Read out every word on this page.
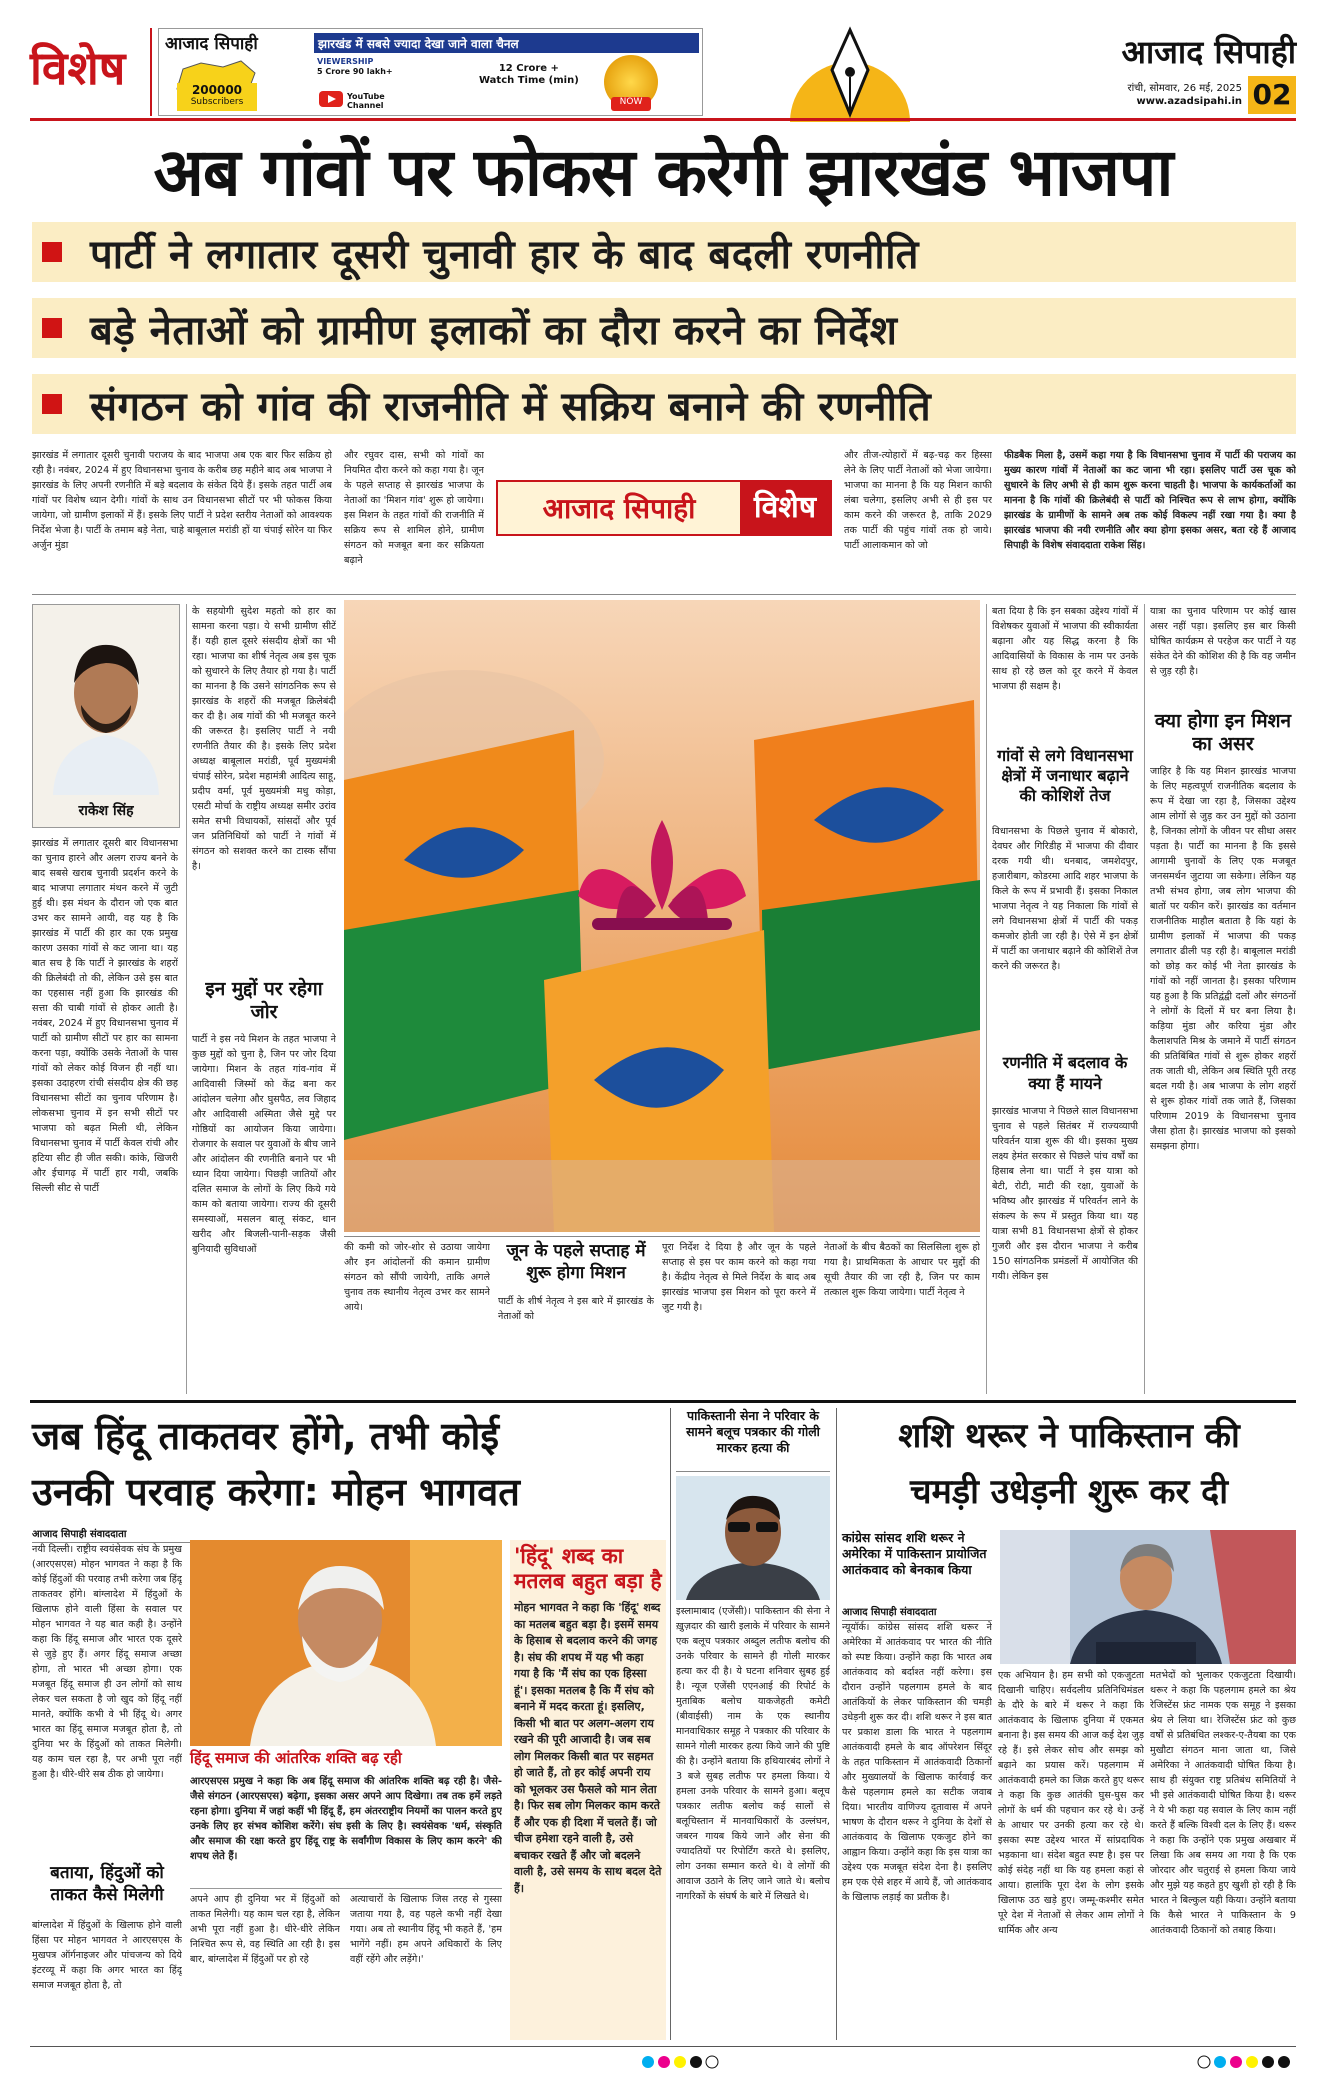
विशेष	आजाद सिपाही
200000
Subscribers
झारखंड में सबसे ज्यादा देखा जाने वाला चैनल
VIEWERSHIP
5 Crore 90 lakh+	12 Crore +
Watch Time (min)
YouTube Channel	NOW
आजाद सिपाही
रांची, सोमवार, 26 मई, 2025
www.azadsipahi.in 02
अब गांवों पर फोकस करेगी झारखंड भाजपा
पार्टी ने लगातार दूसरी चुनावी हार के बाद बदली रणनीति
बड़े नेताओं को ग्रामीण इलाकों का दौरा करने का निर्देश
संगठन को गांव की राजनीति में सक्रिय बनाने की रणनीति

झारखंड में लगातार दूसरी चुनावी पराजय के बाद भाजपा अब एक बार फिर सक्रिय हो रही है। नवंबर, 2024 में हुए विधानसभा चुनाव के करीब छह महीने बाद अब भाजपा ने झारखंड के लिए अपनी रणनीति में बड़े बदलाव के संकेत दिये हैं। इसके तहत पार्टी अब गांवों पर विशेष ध्यान देगी। गांवों के साथ उन विधानसभा सीटों पर भी फोकस किया जायेगा, जो ग्रामीण इलाकों में हैं। इसके लिए पार्टी ने प्रदेश स्तरीय नेताओं को आवश्यक निर्देश भेजा है। पार्टी के तमाम बड़े नेता, चाहे बाबूलाल मरांडी हों या चंपाई सोरेन या फिर अर्जुन मुंडा

और रघुवर दास, सभी को गांवों का नियमित दौरा करने को कहा गया है। जून के पहले सप्ताह से झारखंड भाजपा के नेताओं का 'मिशन गांव' शुरू हो जायेगा। इस मिशन के तहत गांवों की राजनीति में सक्रिय रूप से शामिल होने, ग्रामीण संगठन को मजबूत बना कर सक्रियता बढ़ाने

आजाद सिपाही	विशेष

और तीज-त्योहारों में बढ़-चढ़ कर हिस्सा लेने के लिए पार्टी नेताओं को भेजा जायेगा। भाजपा का मानना है कि यह मिशन काफी लंबा चलेगा, इसलिए अभी से ही इस पर काम करने की जरूरत है, ताकि 2029 तक पार्टी की पहुंच गांवों तक हो जाये। पार्टी आलाकमान को जो

फीडबैक मिला है, उसमें कहा गया है कि विधानसभा चुनाव में पार्टी की पराजय का मुख्य कारण गांवों में नेताओं का कट जाना भी रहा। इसलिए पार्टी उस चूक को सुधारने के लिए अभी से ही काम शुरू करना चाहती है। भाजपा के कार्यकर्ताओं का मानना है कि गांवों की क्रिलेबंदी से पार्टी को निश्चित रूप से लाभ होगा, क्योंकि झारखंड के ग्रामीणों के सामने अब तक कोई विकल्प नहीं रखा गया है। क्या है झारखंड भाजपा की नयी रणनीति और क्या होगा इसका असर, बता रहे हैं आजाद सिपाही के विशेष संवाददाता राकेश सिंह।

राकेश सिंह

झारखंड में लगातार दूसरी बार विधानसभा का चुनाव हारने और अलग राज्य बनने के बाद सबसे खराब चुनावी प्रदर्शन करने के बाद भाजपा लगातार मंथन करने में जुटी हुई थी। इस मंथन के दौरान जो एक बात उभर कर सामने आयी, वह यह है कि झारखंड में पार्टी की हार का एक प्रमुख कारण उसका गांवों से कट जाना था। यह बात सच है कि पार्टी ने झारखंड के शहरों की क्रिलेबंदी तो की, लेकिन उसे इस बात का एहसास नहीं हुआ कि झारखंड की सत्ता की चाबी गांवों से होकर आती है। नवंबर, 2024 में हुए विधानसभा चुनाव में पार्टी को ग्रामीण सीटों पर हार का सामना करना पड़ा, क्योंकि उसके नेताओं के पास गांवों को लेकर कोई विजन ही नहीं था। इसका उदाहरण रांची संसदीय क्षेत्र की छह विधानसभा सीटों का चुनाव परिणाम है। लोकसभा चुनाव में इन सभी सीटों पर भाजपा को बढ़त मिली थी, लेकिन विधानसभा चुनाव में पार्टी केवल रांची और हटिया सीट ही जीत सकी। कांके, खिजरी और ईचागढ़ में पार्टी हार गयी, जबकि सिल्ली सीट से पार्टी

के सहयोगी सुदेश महतो को हार का सामना करना पड़ा। ये सभी ग्रामीण सीटें हैं। यही हाल दूसरे संसदीय क्षेत्रों का भी रहा। भाजपा का शीर्ष नेतृत्व अब इस चूक को सुधारने के लिए तैयार हो गया है। पार्टी का मानना है कि उसने सांगठनिक रूप से झारखंड के शहरों की मजबूत क्रिलेबंदी कर दी है। अब गांवों की भी मजबूत करने की जरूरत है। इसलिए पार्टी ने नयी रणनीति तैयार की है। इसके लिए प्रदेश अध्यक्ष बाबूलाल मरांडी, पूर्व मुख्यमंत्री चंपाई सोरेन, प्रदेश महामंत्री आदित्य साहू, प्रदीप वर्मा, पूर्व मुख्यमंत्री मधु कोड़ा, एसटी मोर्चा के राष्ट्रीय अध्यक्ष समीर उरांव समेत सभी विधायकों, सांसदों और पूर्व जन प्रतिनिधियों को पार्टी ने गांवों में संगठन को सशक्त करने का टास्क सौंपा है।

इन मुद्दों पर रहेगा जोर

पार्टी ने इस नये मिशन के तहत भाजपा ने कुछ मुद्दों को चुना है, जिन पर जोर दिया जायेगा। मिशन के तहत गांव-गांव में आदिवासी जिस्मों को केंद्र बना कर आंदोलन चलेगा और घुसपैठ, लव जिहाद और आदिवासी अस्मिता जैसे मुद्दे पर गोष्ठियों का आयोजन किया जायेगा। रोजगार के सवाल पर युवाओं के बीच जाने और आंदोलन की रणनीति बनाने पर भी ध्यान दिया जायेगा। पिछड़ी जातियों और दलित समाज के लोगों के लिए किये गये काम को बताया जायेगा। राज्य की दूसरी समस्याओं, मसलन बालू संकट, धान खरीद और बिजली-पानी-सड़क जैसी बुनियादी सुविधाओं	की कमी को जोर-शोर से उठाया जायेगा और इन आंदोलनों की कमान ग्रामीण संगठन को सौंपी जायेगी, ताकि अगले चुनाव तक स्थानीय नेतृत्व उभर कर सामने आये।

जून के पहले सप्ताह में शुरू होगा मिशन

पार्टी के शीर्ष नेतृत्व ने इस बारे में झारखंड के नेताओं को

पूरा निर्देश दे दिया है और जून के पहले सप्ताह से इस पर काम करने को कहा गया है। केंद्रीय नेतृत्व से मिले निर्देश के बाद अब झारखंड भाजपा इस मिशन को पूरा करने में जुट गयी है।

नेताओं के बीच बैठकों का सिलसिला शुरू हो गया है। प्राथमिकता के आधार पर मुद्दों की सूची तैयार की जा रही है, जिन पर काम तत्काल शुरू किया जायेगा। पार्टी नेतृत्व ने

बता दिया है कि इन सबका उद्देश्य गांवों में विशेषकर युवाओं में भाजपा की स्वीकार्यता बढ़ाना और यह सिद्ध करना है कि आदिवासियों के विकास के नाम पर उनके साथ हो रहे छल को दूर करने में केवल भाजपा ही सक्षम है।

गांवों से लगे विधानसभा क्षेत्रों में जनाधार बढ़ाने की कोशिशें तेज

विधानसभा के पिछले चुनाव में बोकारो, देवघर और गिरिडीह में भाजपा की दीवार दरक गयी थी। धनबाद, जमशेदपुर, हजारीबाग, कोडरमा आदि शहर भाजपा के किले के रूप में प्रभावी हैं। इसका निकाल भाजपा नेतृत्व ने यह निकाला कि गांवों से लगे विधानसभा क्षेत्रों में पार्टी की पकड़ कमजोर होती जा रही है। ऐसे में इन क्षेत्रों में पार्टी का जनाधार बढ़ाने की कोशिशें तेज करने की जरूरत है।

रणनीति में बदलाव के क्या हैं मायने

झारखंड भाजपा ने पिछले साल विधानसभा चुनाव से पहले सितंबर में राज्यव्यापी परिवर्तन यात्रा शुरू की थी। इसका मुख्य लक्ष्य हेमंत सरकार से पिछले पांच वर्षों का हिसाब लेना था। पार्टी ने इस यात्रा को बेटी, रोटी, माटी की रक्षा, युवाओं के भविष्य और झारखंड में परिवर्तन लाने के संकल्प के रूप में प्रस्तुत किया था। यह यात्रा सभी 81 विधानसभा क्षेत्रों से होकर गुजरी और इस दौरान भाजपा ने करीब 150 सांगठनिक प्रमंडलों में आयोजित की गयी। लेकिन इस

यात्रा का चुनाव परिणाम पर कोई खास असर नहीं पड़ा। इसलिए इस बार किसी घोषित कार्यक्रम से परहेज कर पार्टी ने यह संकेत देने की कोशिश की है कि वह जमीन से जुड़ रही है।

क्या होगा इन मिशन का असर

जाहिर है कि यह मिशन झारखंड भाजपा के लिए महत्वपूर्ण राजनीतिक बदलाव के रूप में देखा जा रहा है, जिसका उद्देश्य आम लोगों से जुड़ कर उन मुद्दों को उठाना है, जिनका लोगों के जीवन पर सीधा असर पड़ता है। पार्टी का मानना है कि इससे आगामी चुनावों के लिए एक मजबूत जनसमर्थन जुटाया जा सकेगा। लेकिन यह तभी संभव होगा, जब लोग भाजपा की बातों पर यकीन करें। झारखंड का वर्तमान राजनीतिक माहौल बताता है कि यहां के ग्रामीण इलाकों में भाजपा की पकड़ लगातार ढीली पड़ रही है। बाबूलाल मरांडी को छोड़ कर कोई भी नेता झारखंड के गांवों को नहीं जानता है। इसका परिणाम यह हुआ है कि प्रतिद्वंद्वी दलों और संगठनों ने लोगों के दिलों में घर बना लिया है। कड़िया मुंडा और करिया मुंडा और कैलाशपति मिश्र के जमाने में पार्टी संगठन की प्रतिबिंबित गांवों से शुरू होकर शहरों तक जाती थी, लेकिन अब स्थिति पूरी तरह बदल गयी है। अब भाजपा के लोग शहरों से शुरू होकर गांवों तक जाते हैं, जिसका परिणाम 2019 के विधानसभा चुनाव जैसा होता है। झारखंड भाजपा को इसको समझना होगा।

जब हिंदू ताकतवर होंगे, तभी कोई
उनकी परवाह करेगा: मोहन भागवत
आजाद सिपाही संवाददाता

नयी दिल्ली। राष्ट्रीय स्वयंसेवक संघ के प्रमुख (आरएसएस) मोहन भागवत ने कहा है कि कोई हिंदुओं की परवाह तभी करेगा जब हिंदू ताकतवर होंगे। बांग्लादेश में हिंदुओं के खिलाफ होने वाली हिंसा के सवाल पर मोहन भागवत ने यह बात कही है। उन्होंने कहा कि हिंदू समाज और भारत एक दूसरे से जुड़े हुए हैं। अगर हिंदू समाज अच्छा होगा, तो भारत भी अच्छा होगा। एक मजबूत हिंदू समाज ही उन लोगों को साथ लेकर चल सकता है जो खुद को हिंदू नहीं मानते, क्योंकि कभी वे भी हिंदू थे। अगर भारत का हिंदू समाज मजबूत होता है, तो दुनिया भर के हिंदुओं को ताकत मिलेगी। यह काम चल रहा है, पर अभी पूरा नहीं हुआ है। धीरे-धीरे सब ठीक हो जायेगा।

बताया, हिंदुओं को ताकत कैसे मिलेगी

बांग्लादेश में हिंदुओं के खिलाफ होने वाली हिंसा पर मोहन भागवत ने आरएसएस के मुखपत्र ऑर्गनाइजर और पांचजन्य को दिये इंटरव्यू में कहा कि अगर भारत का हिंदू समाज मजबूत होता है, तो

हिंदू समाज की आंतरिक शक्ति बढ़ रही

आरएसएस प्रमुख ने कहा कि अब हिंदू समाज की आंतरिक शक्ति बढ़ रही है। जैसे-जैसे संगठन (आरएसएस) बढ़ेगा, इसका असर अपने आप दिखेगा। तब तक हमें लड़ते रहना होगा। दुनिया में जहां कहीं भी हिंदू हैं, हम अंतरराष्ट्रीय नियमों का पालन करते हुए उनके लिए हर संभव कोशिश करेंगे। संघ इसी के लिए है। स्वयंसेवक 'धर्म, संस्कृति और समाज की रक्षा करते हुए हिंदू राष्ट्र के सर्वांगीण विकास के लिए काम करने' की शपथ लेते हैं।

अपने आप ही दुनिया भर में हिंदुओं को ताकत मिलेगी। यह काम चल रहा है, लेकिन अभी पूरा नहीं हुआ है। धीरे-धीरे लेकिन निश्चित रूप से, वह स्थिति आ रही है। इस बार, बांग्लादेश में हिंदुओं पर हो रहे

अत्याचारों के खिलाफ जिस तरह से गुस्सा जताया गया है, वह पहले कभी नहीं देखा गया। अब तो स्थानीय हिंदू भी कहते हैं, 'हम भागेंगे नहीं। हम अपने अधिकारों के लिए वहीं रहेंगे और लड़ेंगे।'

'हिंदू' शब्द का मतलब बहुत बड़ा है

मोहन भागवत ने कहा कि 'हिंदू' शब्द का मतलब बहुत बड़ा है। इसमें समय के हिसाब से बदलाव करने की जगह है। संघ की शपथ में यह भी कहा गया है कि 'मैं संघ का एक हिस्सा हूं'। इसका मतलब है कि मैं संघ को बनाने में मदद करता हूं। इसलिए, किसी भी बात पर अलग-अलग राय रखने की पूरी आजादी है। जब सब लोग मिलकर किसी बात पर सहमत हो जाते हैं, तो हर कोई अपनी राय को भूलकर उस फैसले को मान लेता है। फिर सब लोग मिलकर काम करते हैं और एक ही दिशा में चलते हैं। जो चीज हमेशा रहने वाली है, उसे बचाकर रखते हैं और जो बदलने वाली है, उसे समय के साथ बदल देते हैं।

पाकिस्तानी सेना ने परिवार के सामने बलूच पत्रकार की गोली मारकर हत्या की

इस्लामाबाद (एजेंसी)। पाकिस्तान की सेना ने ख़ुज़दार की खारी इलाके में परिवार के सामने एक बलूच पत्रकार अब्दुल लतीफ बलोच की उनके परिवार के सामने ही गोली मारकर हत्या कर दी है। ये घटना शनिवार सुबह हुई है। न्यूज एजेंसी एएनआई की रिपोर्ट के मुताबिक बलोच याकजेहती कमेटी (बीवाईसी) नाम के एक स्थानीय मानवाधिकार समूह ने पत्रकार की परिवार के सामने गोली मारकर हत्या किये जाने की पुष्टि की है। उन्होंने बताया कि हथियारबंद लोगों ने 3 बजे सुबह लतीफ पर हमला किया। ये हमला उनके परिवार के सामने हुआ। बलूच पत्रकार लतीफ बलोच कई सालों से बलूचिस्तान में मानवाधिकारों के उल्लंघन, जबरन गायब किये जाने और सेना की ज्यादतियों पर रिपोर्टिंग करते थे। इसलिए, लोग उनका सम्मान करते थे। वे लोगों की आवाज उठाने के लिए जाने जाते थे। बलोच नागरिकों के संघर्ष के बारे में लिखते थे।

शशि थरूर ने पाकिस्तान की
चमड़ी उधेड़नी शुरू कर दी
कांग्रेस सांसद शशि थरूर ने अमेरिका में पाकिस्तान प्रायोजित आतंकवाद को बेनकाब किया
आजाद सिपाही संवाददाता

न्यूयॉर्क। कांग्रेस सांसद शशि थरूर ने अमेरिका में आतंकवाद पर भारत की नीति को स्पष्ट किया। उन्होंने कहा कि भारत अब आतंकवाद को बर्दाश्त नहीं करेगा। इस दौरान उन्होंने पहलगाम हमले के बाद आतंकियों के लेकर पाकिस्तान की चमड़ी उधेड़नी शुरू कर दी। शशि थरूर ने इस बात पर प्रकाश डाला कि भारत ने पहलगाम आतंकवादी हमले के बाद ऑपरेशन सिंदूर के तहत पाकिस्तान में आतंकवादी ठिकानों और मुख्यालयों के खिलाफ कार्रवाई कर कैसे पहलगाम हमले का सटीक जवाब दिया। भारतीय वाणिज्य दूतावास में अपने भाषण के दौरान थरूर ने दुनिया के देशों से आतंकवाद के खिलाफ एकजुट होने का आह्वान किया। उन्होंने कहा कि इस यात्रा का उद्देश्य एक मजबूत संदेश देना है। इसलिए हम एक ऐसे शहर में आये हैं, जो आतंकवाद के खिलाफ लड़ाई का प्रतीक है।

एक अभियान है। हम सभी को एकजुटता दिखानी चाहिए। सर्वदलीय प्रतिनिधिमंडल के दौरे के बारे में थरूर ने कहा कि आतंकवाद के खिलाफ दुनिया में एकमत बनाना है। इस समय की आज कई देश जुड़ रहे हैं। इसे लेकर सोच और समझ को बढ़ाने का प्रयास करें। पहलगाम में आतंकवादी हमले का जिक्र करते हुए थरूर ने कहा कि कुछ आतंकी घुस-घुस कर लोगों के धर्म की पहचान कर रहे थे। उन्हें के आधार पर उनकी हत्या कर रहे थे। इसका स्पष्ट उद्देश्य भारत में सांप्रदायिक भड़काना था। संदेश बहुत स्पष्ट है। इस पर कोई संदेह नहीं था कि यह हमला कहां से आया। हालांकि पूरा देश के लोग इसके खिलाफ उठ खड़े हुए। जम्मू-कश्मीर समेत पूरे देश में नेताओं से लेकर आम लोगों ने धार्मिक और अन्य

मतभेदों को भुलाकर एकजुटता दिखायी। थरूर ने कहा कि पहलगाम हमले का श्रेय रेजिस्टेंस फ्रंट नामक एक समूह ने इसका श्रेय ले लिया था। रेजिस्टेंस फ्रंट को कुछ वर्षों से प्रतिबंधित लश्कर-ए-तैयबा का एक मुखौटा संगठन माना जाता था, जिसे अमेरिका ने आतंकवादी घोषित किया है। साथ ही संयुक्त राष्ट्र प्रतिबंध समितियों ने भी इसे आतंकवादी घोषित किया है। थरूर ने ये भी कहा यह सवाल के लिए काम नहीं करते हैं बल्कि विश्वी दल के लिए हैं। थरूर ने कहा कि उन्होंने एक प्रमुख अखबार में लिखा कि अब समय आ गया है कि एक जोरदार और चतुराई से हमला किया जाये और मुझे यह कहते हुए खुशी हो रही है कि भारत ने बिल्कुल यही किया। उन्होंने बताया कि कैसे भारत ने पाकिस्तान के 9 आतंकवादी ठिकानों को तबाह किया।
